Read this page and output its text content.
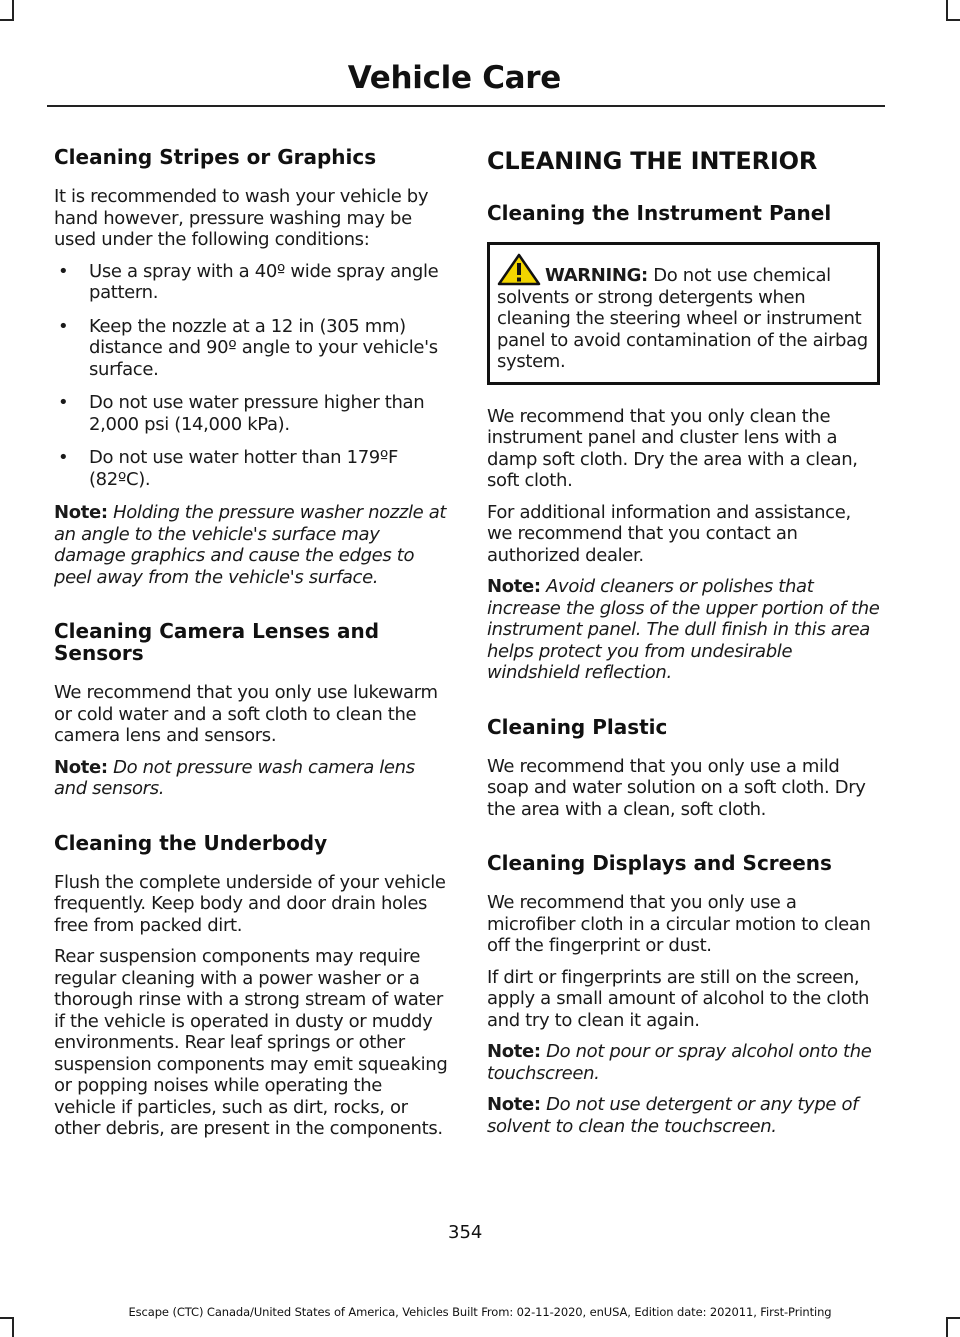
Vehicle Care
Cleaning Stripes or Graphics

It is recommended to wash your vehicle by hand however, pressure washing may be used under the following conditions:

• Use a spray with a 40º wide spray angle pattern.
• Keep the nozzle at a 12 in (305 mm) distance and 90º angle to your vehicle's surface.
• Do not use water pressure higher than 2,000 psi (14,000 kPa).
• Do not use water hotter than 179ºF (82ºC).

Note: Holding the pressure washer nozzle at an angle to the vehicle's surface may damage graphics and cause the edges to peel away from the vehicle's surface.

Cleaning Camera Lenses and Sensors

We recommend that you only use lukewarm or cold water and a soft cloth to clean the camera lens and sensors.

Note: Do not pressure wash camera lens and sensors.

Cleaning the Underbody

Flush the complete underside of your vehicle frequently. Keep body and door drain holes free from packed dirt.

Rear suspension components may require regular cleaning with a power washer or a thorough rinse with a strong stream of water if the vehicle is operated in dusty or muddy environments. Rear leaf springs or other suspension components may emit squeaking or popping noises while operating the vehicle if particles, such as dirt, rocks, or other debris, are present in the components.

CLEANING THE INTERIOR
Cleaning the Instrument Panel

WARNING: Do not use chemical solvents or strong detergents when cleaning the steering wheel or instrument panel to avoid contamination of the airbag system.

We recommend that you only clean the instrument panel and cluster lens with a damp soft cloth. Dry the area with a clean, soft cloth.

For additional information and assistance, we recommend that you contact an authorized dealer.

Note: Avoid cleaners or polishes that increase the gloss of the upper portion of the instrument panel. The dull finish in this area helps protect you from undesirable windshield reflection.

Cleaning Plastic

We recommend that you only use a mild soap and water solution on a soft cloth. Dry the area with a clean, soft cloth.

Cleaning Displays and Screens

We recommend that you only use a microfiber cloth in a circular motion to clean off the fingerprint or dust.

If dirt or fingerprints are still on the screen, apply a small amount of alcohol to the cloth and try to clean it again.

Note: Do not pour or spray alcohol onto the touchscreen.

Note: Do not use detergent or any type of solvent to clean the touchscreen.

354
Escape (CTC) Canada/United States of America, Vehicles Built From: 02-11-2020, enUSA, Edition date: 202011, First-Printing
